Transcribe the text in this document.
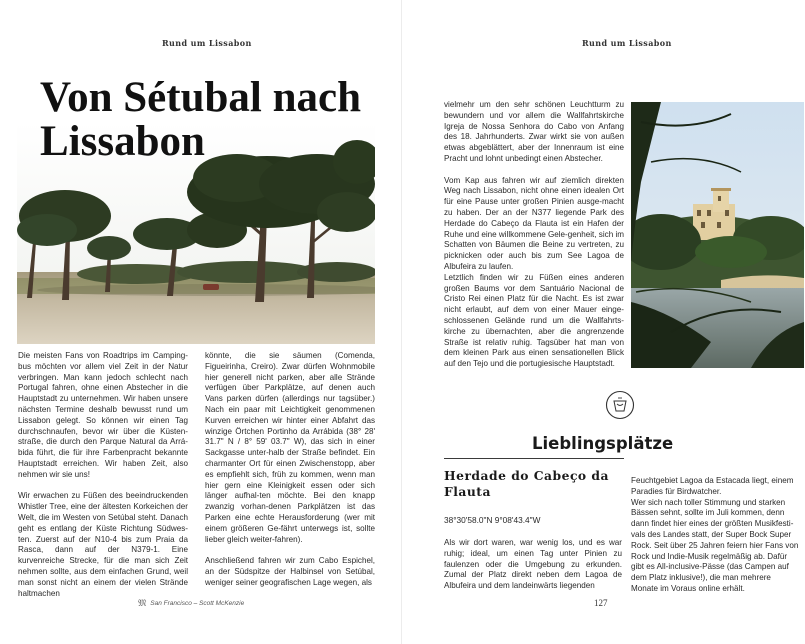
Rund um Lissabon
Von Sétubal nach
Lissabon

Die meisten Fans von Roadtrips im Camping-bus möchten vor allem viel Zeit in der Natur verbringen. Man kann jedoch schlecht nach Portugal fahren, ohne einen Abstecher in die Hauptstadt zu unternehmen. Wir haben unsere nächsten Termine deshalb bewusst rund um Lissabon gelegt. So können wir einen Tag durchschnaufen, bevor wir über die Küsten-straße, die durch den Parque Natural da Arrá-bida führt, die für ihre Farbenpracht bekannte Hauptstadt erreichen. Wir haben Zeit, also nehmen wir sie uns!

Wir erwachen zu Füßen des beeindruckenden Whistler Tree, eine der ältesten Korkeichen der Welt, die im Westen von Setúbal steht. Danach geht es entlang der Küste Richtung Südwes-ten. Zuerst auf der N10-4 bis zum Praia da Rasca, dann auf der N379-1. Eine kurvenreiche Strecke, für die man sich Zeit nehmen sollte, aus dem einfachen Grund, weil man sonst nicht an einem der vielen Strände haltmachen

könnte, die sie säumen (Comenda, Figueirinha, Creiro). Zwar dürfen Wohnmobile hier generell nicht parken, aber alle Strände verfügen über Parkplätze, auf denen auch Vans parken dürfen (allerdings nur tagsüber.) Nach ein paar mit Leichtigkeit genommenen Kurven erreichen wir hinter einer Abfahrt das winzige Örtchen Portinho da Arrábida (38° 28' 31.7" N / 8° 59' 03.7" W), das sich in einer Sackgasse unter-halb der Straße befindet. Ein charmanter Ort für einen Zwischenstopp, aber es empfiehlt sich, früh zu kommen, wenn man hier gern eine Kleinigkeit essen oder sich länger aufhal-ten möchte. Bei den knapp zwanzig vorhan-denen Parkplätzen ist das Parken eine echte Herausforderung (wer mit einem größeren Ge-fährt unterwegs ist, sollte lieber gleich weiter-fahren).

Anschließend fahren wir zum Cabo Espichel, an der Südspitze der Halbinsel von Setúbal, weniger seiner geografischen Lage wegen, als

𝔐 San Francisco – Scott McKenzie
Rund um Lissabon

vielmehr um den sehr schönen Leuchtturm zu bewundern und vor allem die Wallfahrtskirche Igreja de Nossa Senhora do Cabo von Anfang des 18. Jahrhunderts. Zwar wirkt sie von außen etwas abgeblättert, aber der Innenraum ist eine Pracht und lohnt unbedingt einen Abstecher.

Vom Kap aus fahren wir auf ziemlich direkten Weg nach Lissabon, nicht ohne einen idealen Ort für eine Pause unter großen Pinien ausge-macht zu haben. Der an der N377 liegende Park des Herdade do Cabeço da Flauta ist ein Hafen der Ruhe und eine willkommene Gele-genheit, sich im Schatten von Bäumen die Beine zu vertreten, zu picknicken oder auch bis zum See Lagoa de Albufeira zu laufen.
Letztlich finden wir zu Füßen eines anderen großen Baums vor dem Santuário Nacional de Cristo Rei einen Platz für die Nacht. Es ist zwar nicht erlaubt, auf dem von einer Mauer einge-schlossenen Gelände rund um die Wallfahrts-kirche zu übernachten, aber die angrenzende Straße ist relativ ruhig. Tagsüber hat man von dem kleinen Park aus einen sensationellen Blick auf den Tejo und die portugiesische Hauptstadt.

Lieblingsplätze
Herdade do Cabeço da Flauta
38°30'58.0"N 9°08'43.4"W

Als wir dort waren, war wenig los, und es war ruhig; ideal, um einen Tag unter Pinien zu faulenzen oder die Umgebung zu erkunden. Zumal der Platz direkt neben dem Lagoa de Albufeira und dem landeinwärts liegenden

Feuchtgebiet Lagoa da Estacada liegt, einem Paradies für Birdwatcher.
Wer sich nach toller Stimmung und starken Bässen sehnt, sollte im Juli kommen, denn dann findet hier eines der größten Musikfesti-vals des Landes statt, der Super Bock Super Rock. Seit über 25 Jahren feiern hier Fans von Rock und Indie-Musik regelmäßig ab. Dafür gibt es All-inclusive-Pässe (das Campen auf dem Platz inklusive!), die man mehrere Monate im Voraus online erhält.
127
